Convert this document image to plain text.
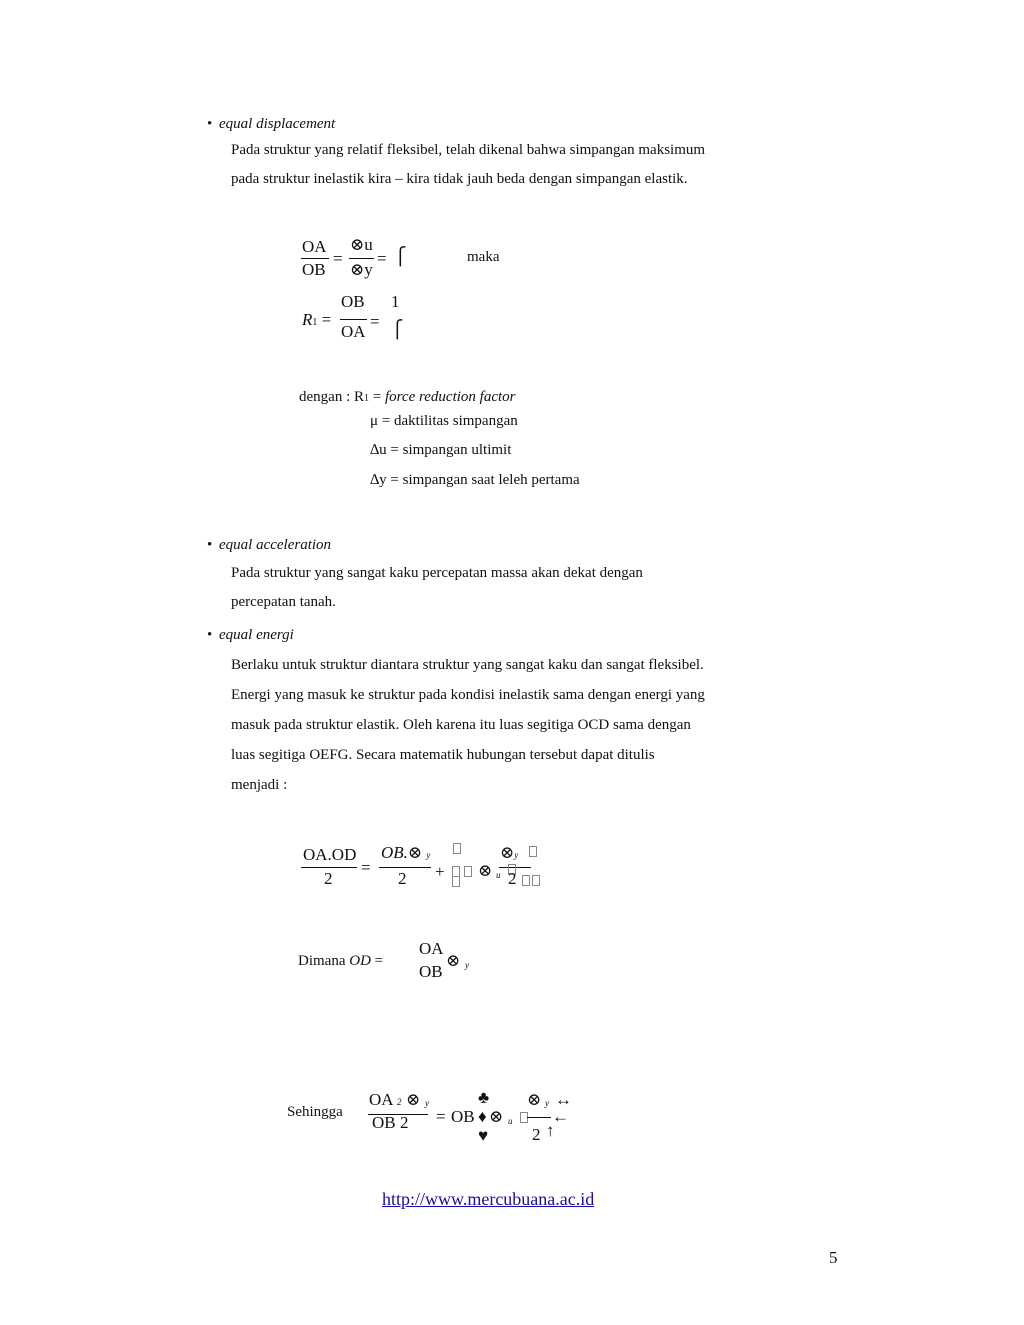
• equal displacement
Pada struktur yang relatif fleksibel, telah dikenal bahwa simpangan maksimum
pada struktur inelastik kira – kira tidak jauh beda dengan simpangan elastik.
OA
OB
=
⊗u
⊗y
= ⎧	maka
R1 =
OB
OA
=
1
⎧
dengan : R1 = force reduction factor
μ = daktilitas simpangan
∆u = simpangan ultimit
∆y = simpangan saat leleh pertama
• equal acceleration
Pada struktur yang sangat kaku percepatan massa akan dekat dengan
percepatan tanah.
• equal energi
Berlaku untuk struktur diantara struktur yang sangat kaku dan sangat fleksibel.
Energi yang masuk ke struktur pada kondisi inelastik sama dengan energi yang
masuk pada struktur elastik. Oleh karena itu luas segitiga OCD sama dengan
luas segitiga OEFG. Secara matematik hubungan tersebut dapat ditulis
menjadi :
OA.OD
2
=
OB.⊗ y
2 + ⊗ u
⊗y
2
Dimana OD =
OA
OB
⊗ y
Sehingga
OA 2 ⊗ y
OB 2 = OB
♣
♦
♥
⊗ u
⊗ y ↔
←
2 ↑
http://www.mercubuana.ac.id
5
